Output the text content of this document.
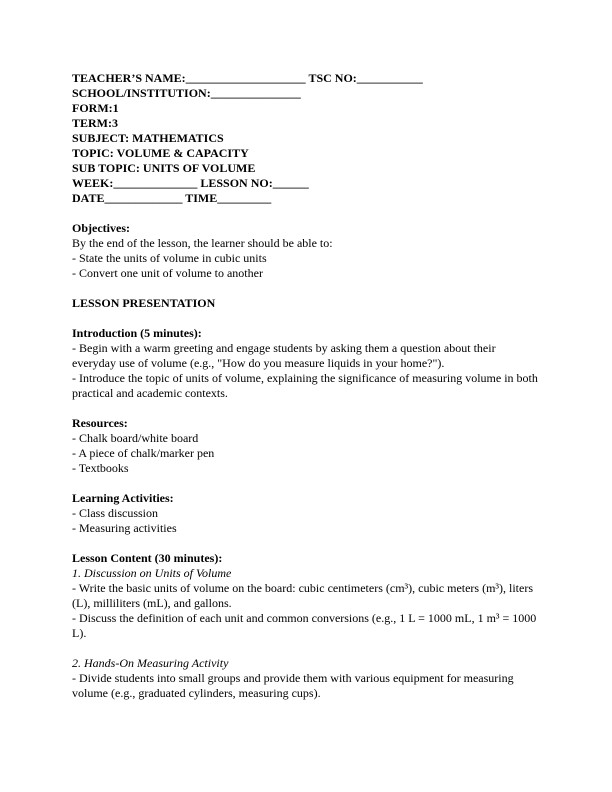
TEACHER’S NAME:____________________ TSC NO:___________
SCHOOL/INSTITUTION:_______________
FORM:1
TERM:3
SUBJECT: MATHEMATICS
TOPIC: VOLUME & CAPACITY
SUB TOPIC: UNITS OF VOLUME
WEEK:______________ LESSON NO:______
DATE_____________ TIME_________
Objectives:
By the end of the lesson, the learner should be able to:
- State the units of volume in cubic units
- Convert one unit of volume to another
LESSON PRESENTATION
Introduction (5 minutes):
- Begin with a warm greeting and engage students by asking them a question about their
everyday use of volume (e.g., "How do you measure liquids in your home?").
- Introduce the topic of units of volume, explaining the significance of measuring volume in both
practical and academic contexts.
Resources:
- Chalk board/white board
- A piece of chalk/marker pen
- Textbooks
Learning Activities:
- Class discussion
- Measuring activities
Lesson Content (30 minutes):
1. Discussion on Units of Volume
- Write the basic units of volume on the board: cubic centimeters (cm³), cubic meters (m³), liters
(L), milliliters (mL), and gallons.
- Discuss the definition of each unit and common conversions (e.g., 1 L = 1000 mL, 1 m³ = 1000
L).
2. Hands-On Measuring Activity
- Divide students into small groups and provide them with various equipment for measuring
volume (e.g., graduated cylinders, measuring cups).
